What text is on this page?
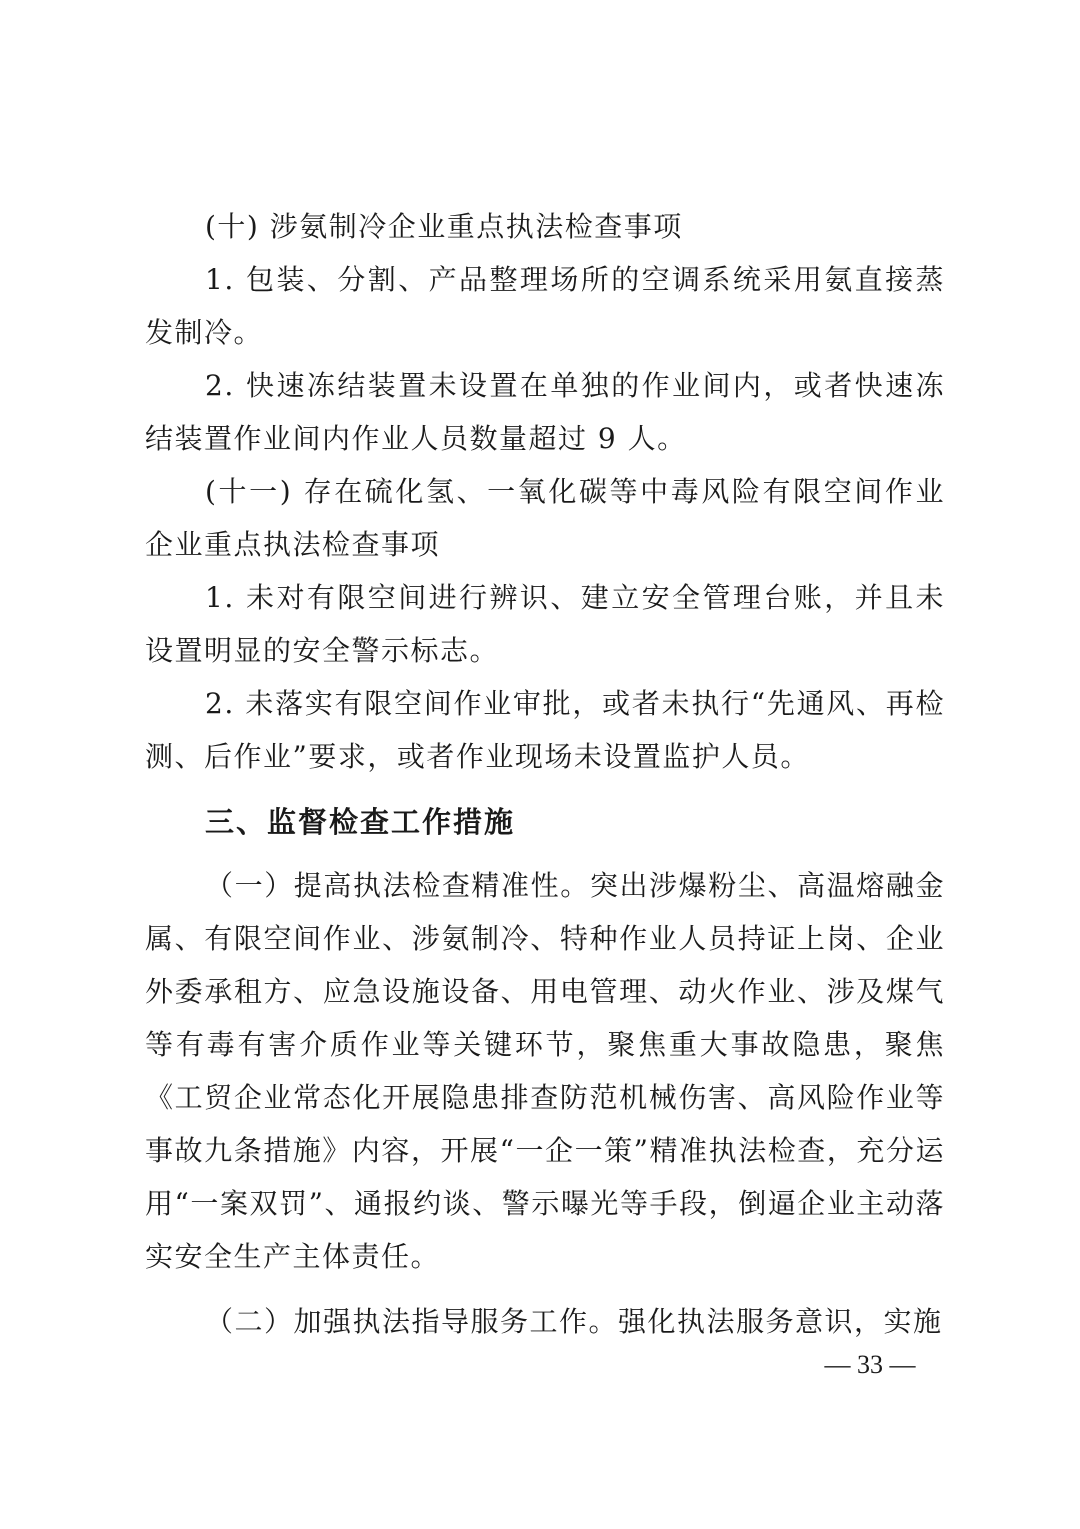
(十) 涉氨制冷企业重点执法检查事项

1. 包装、分割、产品整理场所的空调系统采用氨直接蒸发制冷。

2. 快速冻结装置未设置在单独的作业间内，或者快速冻结装置作业间内作业人员数量超过 9 人。

(十一) 存在硫化氢、一氧化碳等中毒风险有限空间作业企业重点执法检查事项

1. 未对有限空间进行辨识、建立安全管理台账，并且未设置明显的安全警示标志。

2. 未落实有限空间作业审批，或者未执行“先通风、再检测、后作业”要求，或者作业现场未设置监护人员。

三、监督检查工作措施

（一）提高执法检查精准性。突出涉爆粉尘、高温熔融金属、有限空间作业、涉氨制冷、特种作业人员持证上岗、企业外委承租方、应急设施设备、用电管理、动火作业、涉及煤气等有毒有害介质作业等关键环节，聚焦重大事故隐患，聚焦《工贸企业常态化开展隐患排查防范机械伤害、高风险作业等事故九条措施》内容，开展“一企一策”精准执法检查，充分运用“一案双罚”、通报约谈、警示曝光等手段，倒逼企业主动落实安全生产主体责任。

（二）加强执法指导服务工作。强化执法服务意识，实施

— 33 —
